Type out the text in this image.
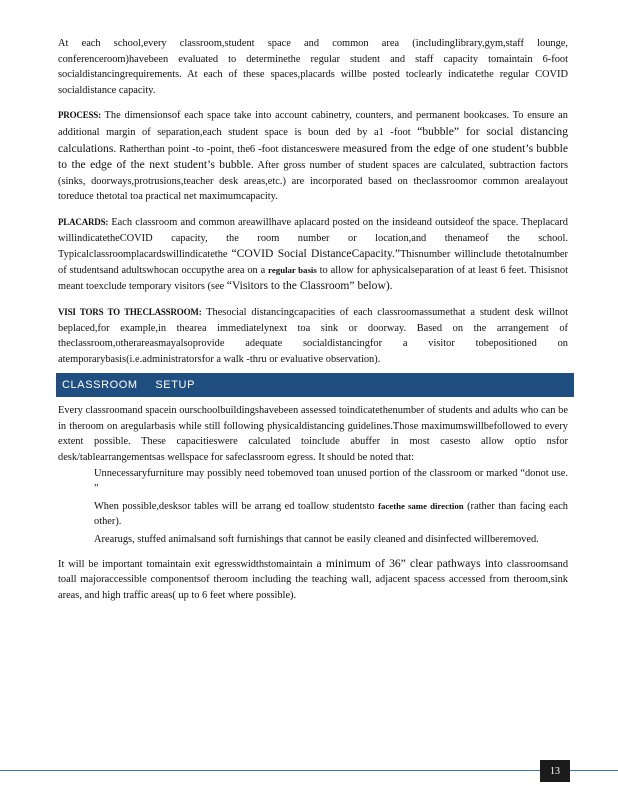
At each school,every classroom,student space and common area (includinglibrary,gym,staff lounge, conferenceroom)havebeen evaluated to determinethe regular student and staff capacity tomaintain 6-foot socialdistancingrequirements. At each of these spaces,placards willbe posted toclearly indicatethe regular COVID socialdistance capacity.

PROCESS: The dimensionsof each space take into account cabinetry, counters, and permanent bookcases. To ensure an additional margin of separation,each student space is boun ded by a1 -foot “bubble” for social distancing calculations. Ratherthan point -to -point, the6 -foot distanceswere measured from the edge of one student’s bubble to the edge of the next student’s bubble. After gross number of student spaces are calculated, subtraction factors (sinks, doorways,protrusions,teacher desk areas,etc.) are incorporated based on theclassroomor common arealayout toreduce thetotal toa practical net maximumcapacity.

PLACARDS: Each classroom and common areawillhave aplacard posted on the insideand outsideof the space. Theplacard willindicatetheCOVID capacity, the room number or location,and thenameof the school. Typicalclassroomplacardswillindicatethe “COVID Social DistanceCapacity.”Thisnumber willinclude thetotalnumber of studentsand adultswhocan occupythe area on a regular basis to allow for aphysicalseparation of at least 6 feet. Thisisnot meant toexclude temporary visitors (see “Visitors to the Classroom” below).

VISI TORS TO THECLASSROOM: Thesocial distancingcapacities of each classroomassumethat a student desk willnot beplaced,for example,in thearea immediatelynext toa sink or doorway. Based on the arrangement of theclassroom,otherareasmayalsoprovide adequate socialdistancingfor a visitor tobepositioned on atemporarybasis(i.e.administratorsfor a walk -thru or evaluative observation).

CLASSROOM SETUP

Every classroomand spacein ourschoolbuildingshavebeen assessed toindicatethenumber of students and adults who can be in theroom on aregularbasis while still following physicaldistancing guidelines.Those maximumswillbefollowed to every extent possible. These capacitieswere calculated toinclude abuffer in most casesto allow optio nsfor desk/tablearrangementsas wellspace for safeclassroom egress. It should be noted that:

Unnecessaryfurniture may possibly need tobemoved toan unused portion of the classroom or marked “donot use. ”
When possible,desksor tables will be arrang ed toallow studentsto facethe same direction (rather than facing each other).
Arearugs, stuffed animalsand soft furnishings that cannot be easily cleaned and disinfected willberemoved.

It will be important tomaintain exit egresswidthstomaintain a minimum of 36” clear pathways into classroomsand toall majoraccessible componentsof theroom including the teaching wall, adjacent spacess accessed from theroom,sink areas, and high traffic areas( up to 6 feet where possible).

13
